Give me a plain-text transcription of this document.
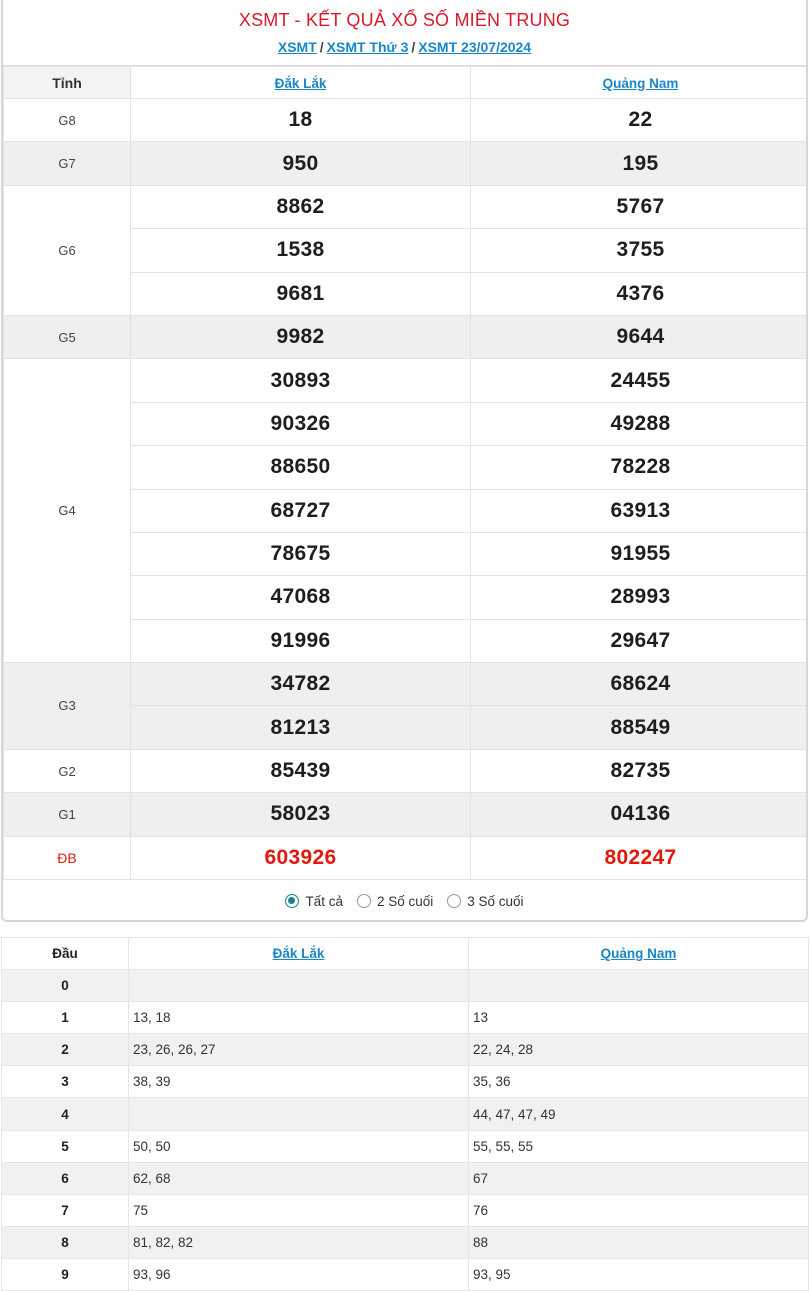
XSMT - KẾT QUẢ XỔ SỐ MIỀN TRUNG
XSMT / XSMT Thứ 3 / XSMT 23/07/2024
Tỉnh	Đắk Lắk	Quảng Nam
G8	18	22
G7	950	195
G6	8862	5767
	1538	3755
	9681	4376
G5	9982	9644
G4	30893	24455
	90326	49288
	88650	78228
	68727	63913
	78675	91955
	47068	28993
	91996	29647
G3	34782	68624
	81213	88549
G2	85439	82735
G1	58023	04136
ĐB	603926	802247
Tất cả	2 Số cuối	3 Số cuối
Đầu	Đắk Lắk	Quảng Nam
0		
1	13, 18	13
2	23, 26, 26, 27	22, 24, 28
3	38, 39	35, 36
4		44, 47, 47, 49
5	50, 50	55, 55, 55
6	62, 68	67
7	75	76
8	81, 82, 82	88
9	93, 96	93, 95
